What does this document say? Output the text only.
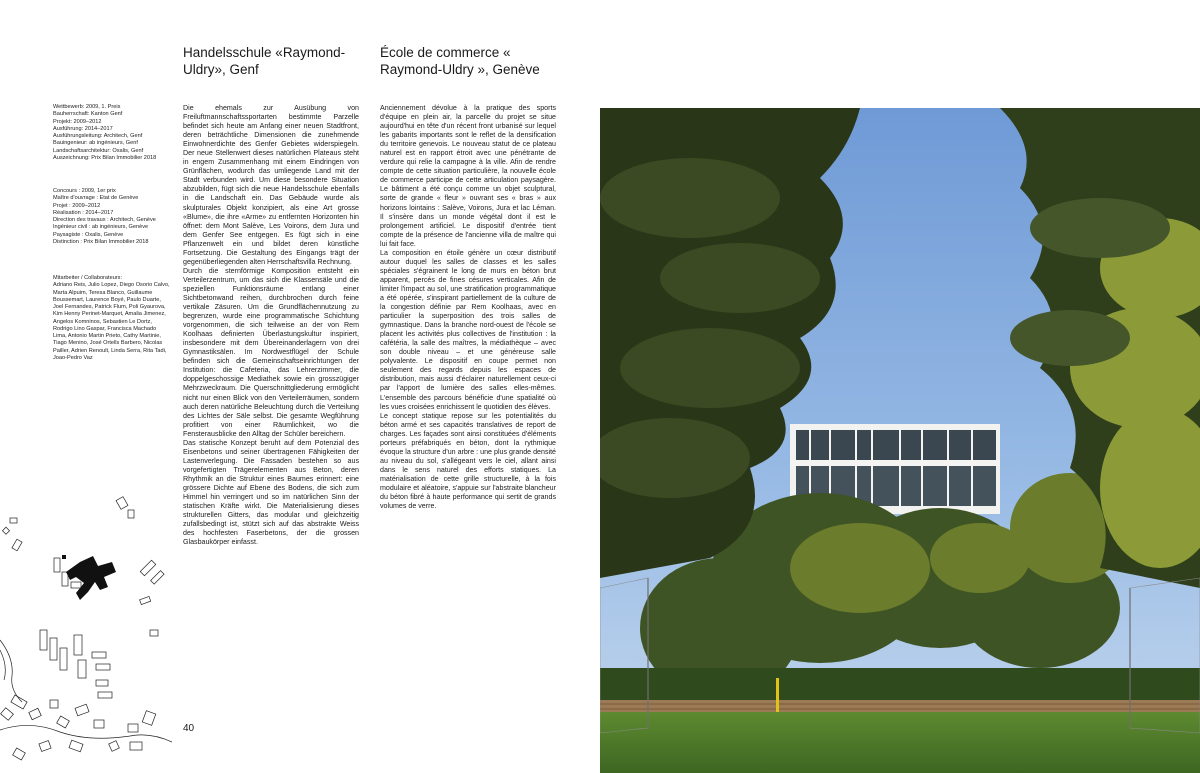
Handelsschule «Raymond-Uldry», Genf
École de commerce « Raymond-Uldry », Genève

Wettbewerb: 2009, 1. Preis
Bauherrschaft: Kanton Genf
Projekt: 2009–2012
Ausführung: 2014–2017
Ausführungsleitung: Architech, Genf
Bauingenieur: ab ingénieurs, Genf
Landschaftsarchitektur: Oxalis, Genf
Auszeichnung: Prix Bilan Immobilier 2018

Concours : 2009, 1er prix
Maître d'ouvrage : Etat de Genève
Projet : 2009–2012
Réalisation : 2014–2017
Direction des travaux : Architech, Genève
Ingénieur civil : ab ingénieurs, Genève
Paysagiste : Oxalis, Genève
Distinction : Prix Bilan Immobilier 2018

Mitarbeiter / Collaborateurs:
Adriano Reis, Julio Lopez, Diego Osorio Calvo, Marta Alpuim, Teresa Blanco, Guillaume Boussemart, Laurence Boyé, Paulo Duarte, Joel Fernandes, Patrick Flum, Poli Gyaurova, Kim Henny Perinet-Marquet, Amalia Jimenez, Angelos Komninos, Sebastien Le Dortz, Rodrigo Lino Gaspar, Francisca Machado Lima, Antonio Martin Prieto, Cathy Martinie, Tiago Menino, José Ortells Barbero, Nicolas Pailler, Adrien Renoult, Linda Serra, Rita Tadi, Joao-Pedro Vaz

Die ehemals zur Ausübung von Freiluftmannschaftssportarten bestimmte Parzelle befindet sich heute am Anfang einer neuen Stadtfront, deren beträchtliche Dimensionen die zunehmende Einwohnerdichte des Genfer Gebietes widerspiegeln. Der neue Stellenwert dieses natürlichen Plateaus steht in engem Zusammenhang mit einem Eindringen von Grünflächen, wodurch das umliegende Land mit der Stadt verbunden wird. Um diese besondere Situation abzubilden, fügt sich die neue Handelsschule ebenfalls in die Landschaft ein. Das Gebäude wurde als skulpturales Objekt konzipiert, als eine Art grosse «Blume», die ihre «Arme» zu entfernten Horizonten hin öffnet: dem Mont Salève, Les Voirons, dem Jura und dem Genfer See entgegen. Es fügt sich in eine Pflanzenwelt ein und bildet deren künstliche Fortsetzung. Die Gestaltung des Eingangs trägt der gegenüberliegenden alten Herrschaftsvilla Rechnung.

Durch die sternförmige Komposition entsteht ein Verteilerzentrum, um das sich die Klassensäle und die speziellen Funktionsräume entlang einer Sichtbetonwand reihen, durchbrochen durch feine vertikale Zäsuren. Um die Grundflächennutzung zu begrenzen, wurde eine programmatische Schichtung vorgenommen, die sich teilweise an der von Rem Koolhaas definierten Überlastungskultur inspiriert, insbesondere mit dem Übereinanderlagern von drei Gymnastiksälen. Im Nordwestflügel der Schule befinden sich die Gemeinschaftseinrichtungen der Institution: die Cafeteria, das Lehrerzimmer, die doppelgeschossige Mediathek sowie ein grosszügiger Mehrzweckraum. Die Querschnittgliederung ermöglicht nicht nur einen Blick von den Verteilerräumen, sondern auch deren natürliche Beleuchtung durch die Verteilung des Lichtes der Säle selbst. Die gesamte Wegführung profitiert von einer Räumlichkeit, wo die Fensterausblicke den Alltag der Schüler bereichern.

Das statische Konzept beruht auf dem Potenzial des Eisenbetons und seiner übertragenen Fähigkeiten der Lastenverlegung. Die Fassaden bestehen so aus vorgefertigten Trägerelementen aus Beton, deren Rhythmik an die Struktur eines Baumes erinnert: eine grössere Dichte auf Ebene des Bodens, die sich zum Himmel hin verringert und so im natürlichen Sinn der statischen Kräfte wirkt. Die Materialisierung dieses strukturellen Gitters, das modular und gleichzeitig zufallsbedingt ist, stützt sich auf das abstrakte Weiss des hochfesten Faserbetons, der die grossen Glasbaukörper einfasst.

Anciennement dévolue à la pratique des sports d'équipe en plein air, la parcelle du projet se situe aujourd'hui en tête d'un récent front urbanisé sur lequel les gabarits importants sont le reflet de la densification du territoire genevois. Le nouveau statut de ce plateau naturel est en rapport étroit avec une pénétrante de verdure qui relie la campagne à la ville. Afin de rendre compte de cette situation particulière, la nouvelle école de commerce participe de cette articulation paysagère. Le bâtiment a été conçu comme un objet sculptural, sorte de grande « fleur » ouvrant ses « bras » aux horizons lointains : Salève, Voirons, Jura et lac Léman. Il s'insère dans un monde végétal dont il est le prolongement artificiel. Le dispositif d'entrée tient compte de la présence de l'ancienne villa de maître qui lui fait face.

La composition en étoile génère un cœur distributif autour duquel les salles de classes et les salles spéciales s'égrainent le long de murs en béton brut apparent, percés de fines césures verticales. Afin de limiter l'impact au sol, une stratification programmatique a été opérée, s'inspirant partiellement de la culture de la congestion définie par Rem Koolhaas, avec en particulier la superposition des trois salles de gymnastique. Dans la branche nord-ouest de l'école se placent les activités plus collectives de l'institution : la cafétéria, la salle des maîtres, la médiathèque – avec son double niveau – et une généreuse salle polyvalente. Le dispositif en coupe permet non seulement des regards depuis les espaces de distribution, mais aussi d'éclairer naturellement ceux-ci par l'apport de lumière des salles elles-mêmes. L'ensemble des parcours bénéficie d'une spatialité où les vues croisées enrichissent le quotidien des élèves.

Le concept statique repose sur les potentialités du béton armé et ses capacités translatives de report de charges. Les façades sont ainsi constituées d'éléments porteurs préfabriqués en béton, dont la rythmique évoque la structure d'un arbre : une plus grande densité au niveau du sol, s'allégeant vers le ciel, allant ainsi dans le sens naturel des efforts statiques. La matérialisation de cette grille structurelle, à la fois modulaire et aléatoire, s'appuie sur l'abstraite blancheur du béton fibré à haute performance qui sertit de grands volumes de verre.

40
